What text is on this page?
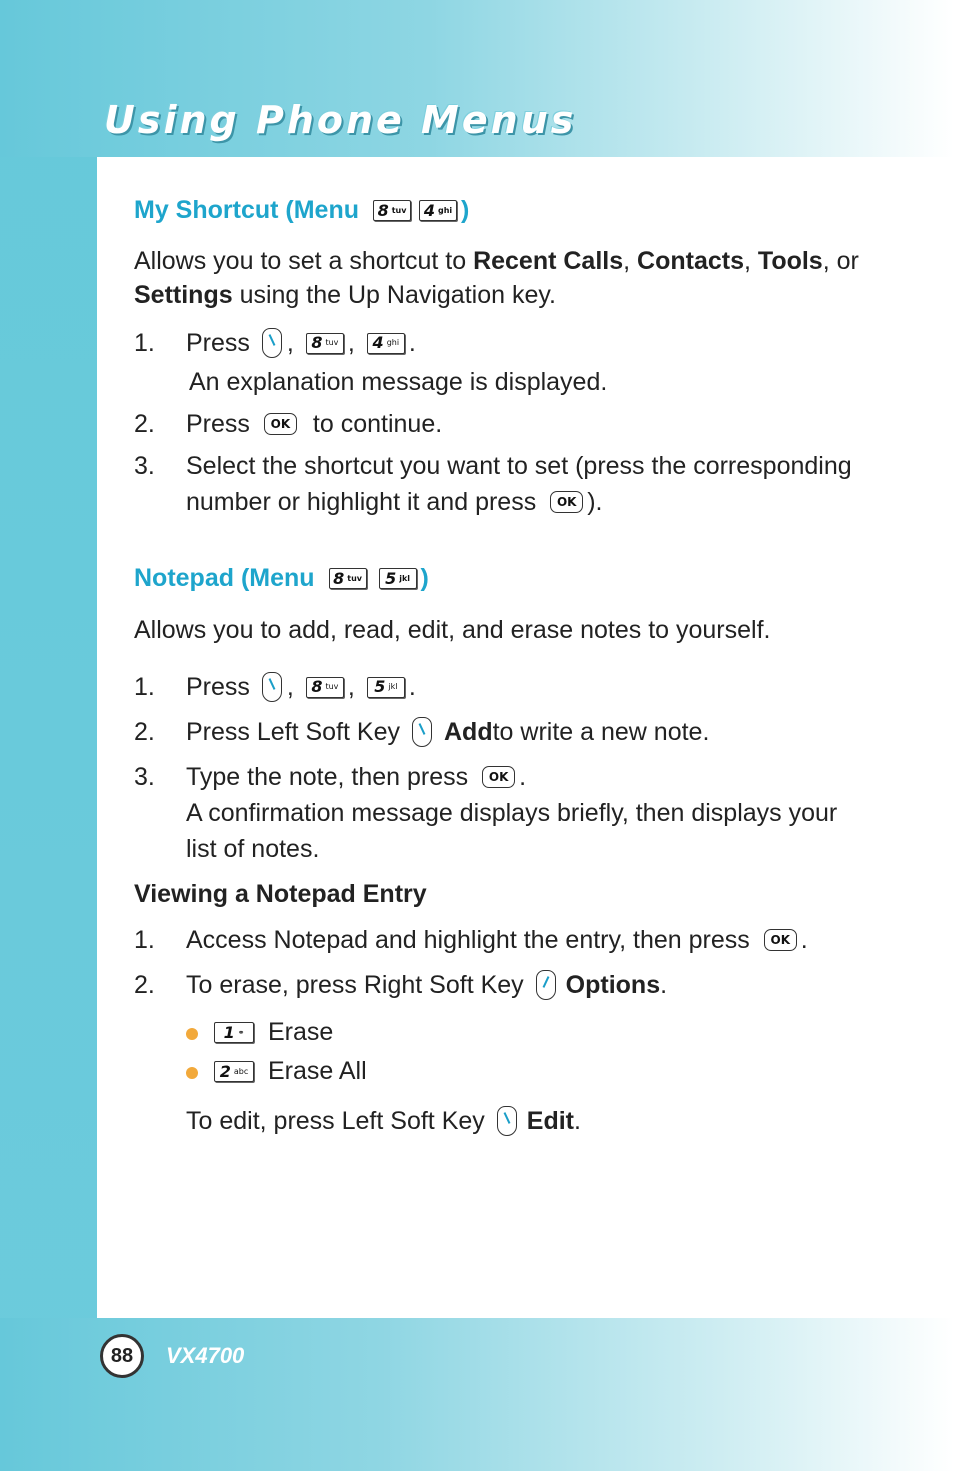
Using Phone Menus
My Shortcut (Menu 8 tuv 4 ghi )
Allows you to set a shortcut to Recent Calls, Contacts, Tools, or
Settings using the Up Navigation key.
1. Press , 8 tuv , 4 ghi .
An explanation message is displayed.
2. Press	OK to continue.
3. Select the shortcut you want to set (press the corresponding
number or highlight it and press	OK ).
Notepad (Menu 8 tuv 5 jkl )
Allows you to add, read, edit, and erase notes to yourself.
1. Press , 8 tuv , 5 jkl .
2. Press Left Soft Key Add to write a new note.
3. Type the note, then press	OK .
A confirmation message displays briefly, then displays your
list of notes.
Viewing a Notepad Entry
1. Access Notepad and highlight the entry, then press	OK .
2. To erase, press Right Soft Key Options .
1 ⚭ Erase
2 abc Erase All
To edit, press Left Soft Key Edit .
88	VX4700
